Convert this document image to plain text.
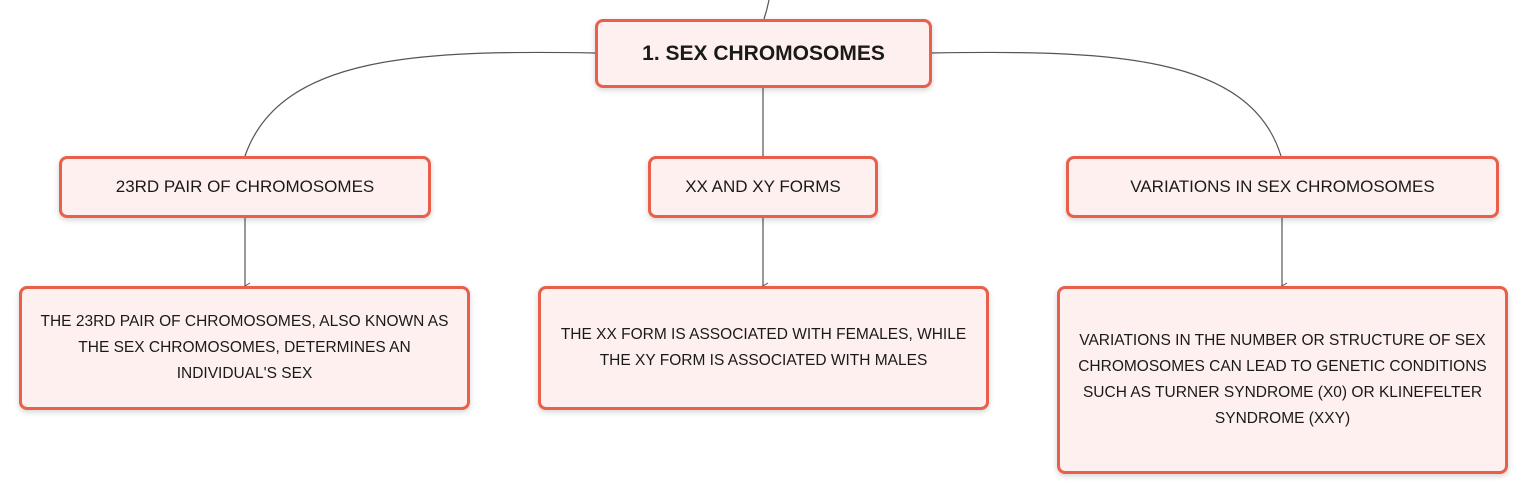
1. SEX CHROMOSOMES
23RD PAIR OF CHROMOSOMES	XX AND XY FORMS	VARIATIONS IN SEX CHROMOSOMES
THE 23RD PAIR OF CHROMOSOMES, ALSO KNOWN AS THE SEX CHROMOSOMES, DETERMINES AN INDIVIDUAL'S SEX
THE XX FORM IS ASSOCIATED WITH FEMALES, WHILE THE XY FORM IS ASSOCIATED WITH MALES
VARIATIONS IN THE NUMBER OR STRUCTURE OF SEX CHROMOSOMES CAN LEAD TO GENETIC CONDITIONS SUCH AS TURNER SYNDROME (X0) OR KLINEFELTER SYNDROME (XXY)
